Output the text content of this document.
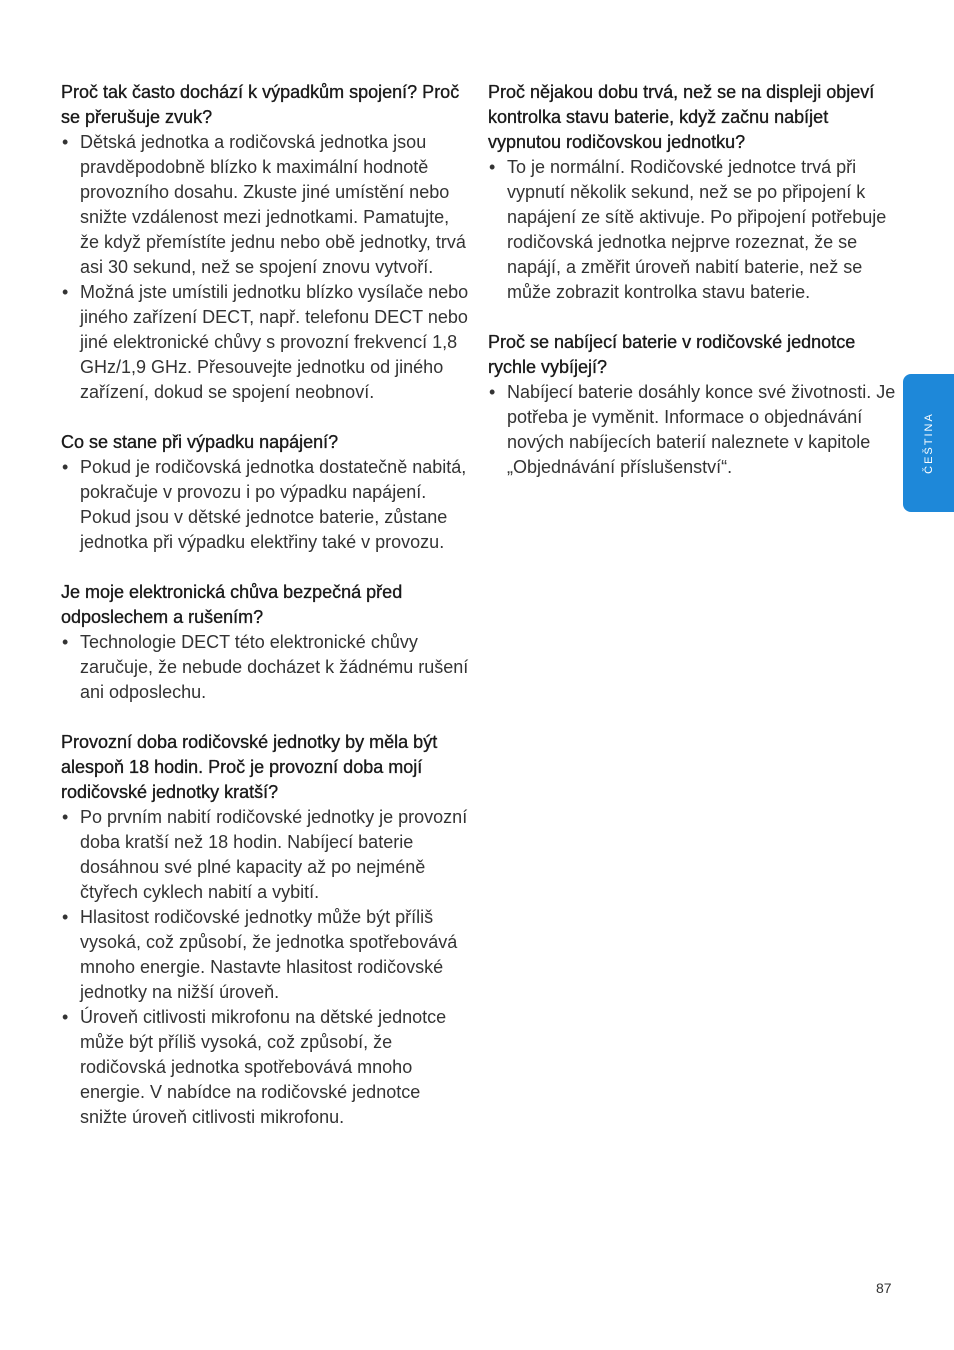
Proč tak často dochází k výpadkům spojení? Proč se přerušuje zvuk?
• Dětská jednotka a rodičovská jednotka jsou pravděpodobně blízko k maximální hodnotě provozního dosahu. Zkuste jiné umístění nebo snižte vzdálenost mezi jednotkami. Pamatujte, že když přemístíte jednu nebo obě jednotky, trvá asi 30 sekund, než se spojení znovu vytvoří.
• Možná jste umístili jednotku blízko vysílače nebo jiného zařízení DECT, např. telefonu DECT nebo jiné elektronické chůvy s provozní frekvencí 1,8 GHz/1,9 GHz. Přesouvejte jednotku od jiného zařízení, dokud se spojení neobnoví.
Co se stane při výpadku napájení?
• Pokud je rodičovská jednotka dostatečně nabitá, pokračuje v provozu i po výpadku napájení. Pokud jsou v dětské jednotce baterie, zůstane jednotka při výpadku elektřiny také v provozu.
Je moje elektronická chůva bezpečná před odposlechem a rušením?
• Technologie DECT této elektronické chůvy zaručuje, že nebude docházet k žádnému rušení ani odposlechu.
Provozní doba rodičovské jednotky by měla být alespoň 18 hodin. Proč je provozní doba mojí rodičovské jednotky kratší?
• Po prvním nabití rodičovské jednotky je provozní doba kratší než 18 hodin. Nabíjecí baterie dosáhnou své plné kapacity až po nejméně čtyřech cyklech nabití a vybití.
• Hlasitost rodičovské jednotky může být příliš vysoká, což způsobí, že jednotka spotřebovává mnoho energie. Nastavte hlasitost rodičovské jednotky na nižší úroveň.
• Úroveň citlivosti mikrofonu na dětské jednotce může být příliš vysoká, což způsobí, že rodičovská jednotka spotřebovává mnoho energie. V nabídce na rodičovské jednotce snižte úroveň citlivosti mikrofonu.
Proč nějakou dobu trvá, než se na displeji objeví kontrolka stavu baterie, když začnu nabíjet vypnutou rodičovskou jednotku?
• To je normální. Rodičovské jednotce trvá při vypnutí několik sekund, než se po připojení k napájení ze sítě aktivuje. Po připojení potřebuje rodičovská jednotka nejprve rozeznat, že se napájí, a změřit úroveň nabití baterie, než se může zobrazit kontrolka stavu baterie.
Proč se nabíjecí baterie v rodičovské jednotce rychle vybíjejí?
• Nabíjecí baterie dosáhly konce své životnosti. Je potřeba je vyměnit. Informace o objednávání nových nabíjecích baterií naleznete v kapitole „Objednávání příslušenství“.	ČEŠTINA
87
